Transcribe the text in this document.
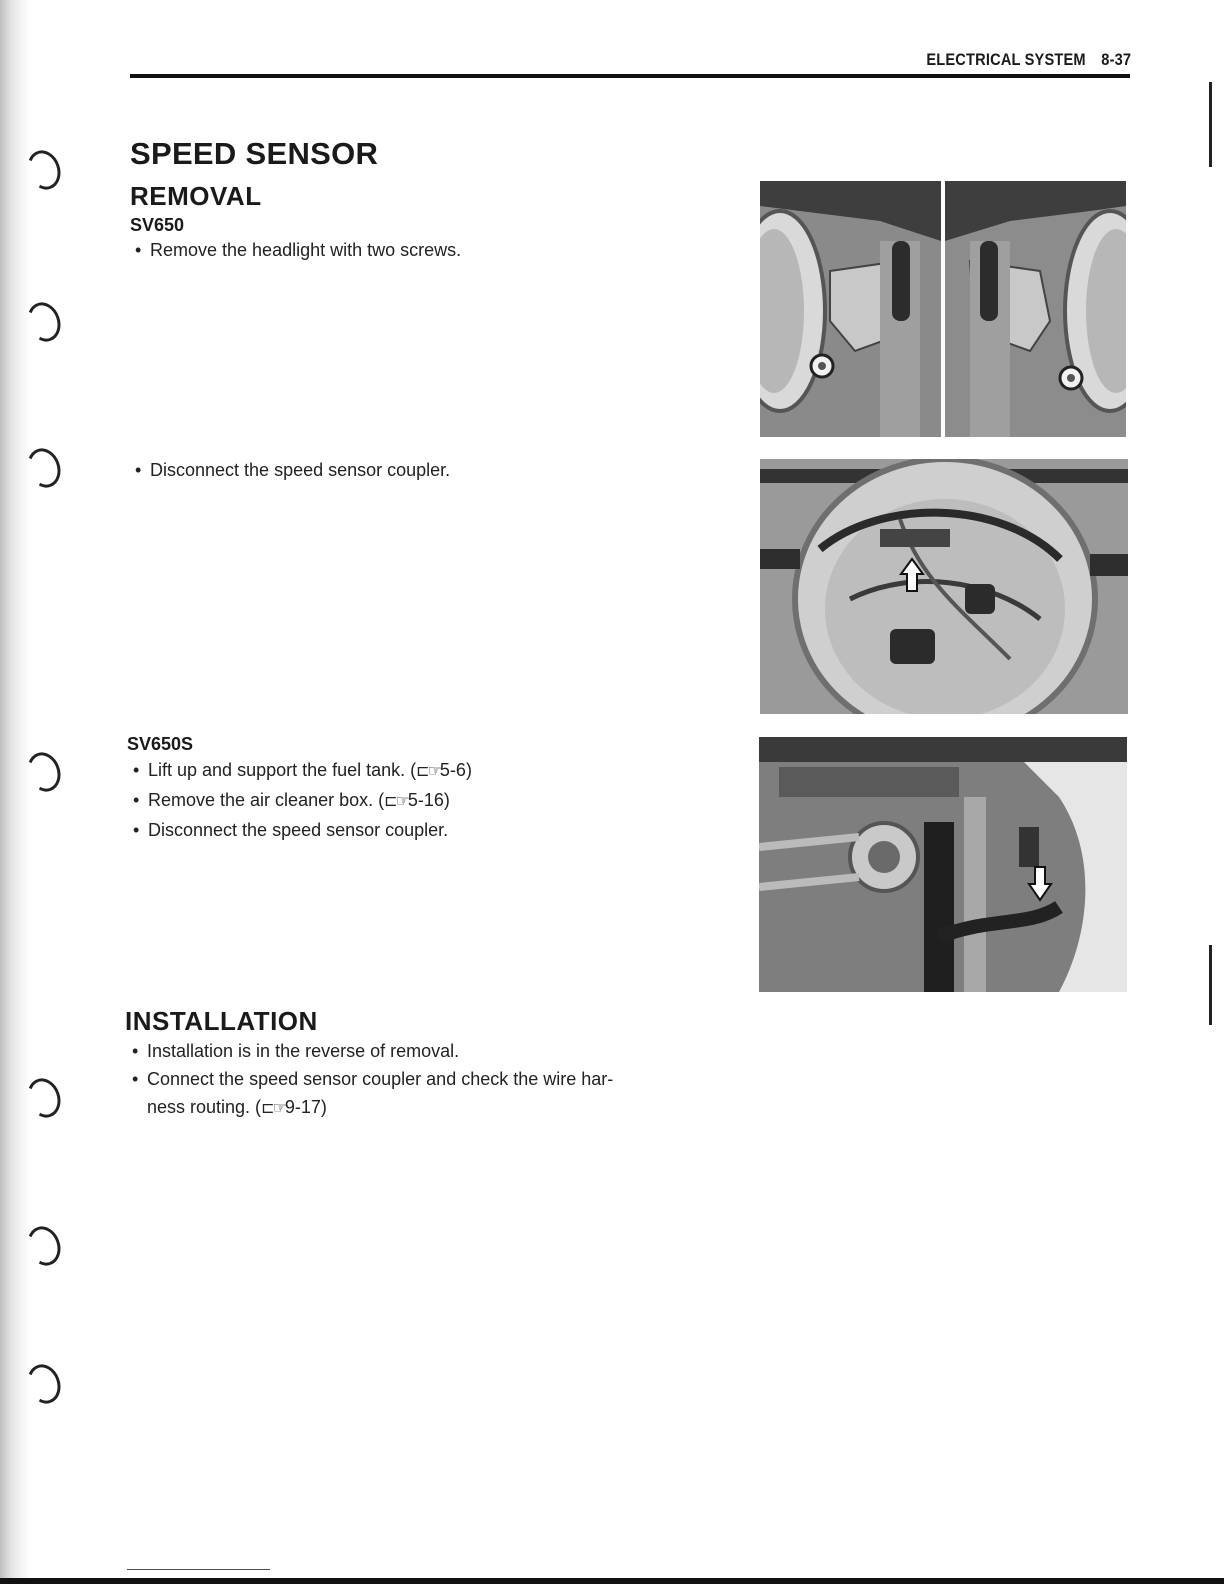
ELECTRICAL SYSTEM 8-37
SPEED SENSOR
REMOVAL
SV650
• Remove the headlight with two screws.
• Disconnect the speed sensor coupler.
SV650S
• Lift up and support the fuel tank. (⊏☞5-6)
• Remove the air cleaner box. (⊏☞5-16)
• Disconnect the speed sensor coupler.
INSTALLATION
• Installation is in the reverse of removal.
• Connect the speed sensor coupler and check the wire har-
ness routing. (⊏☞9-17)
